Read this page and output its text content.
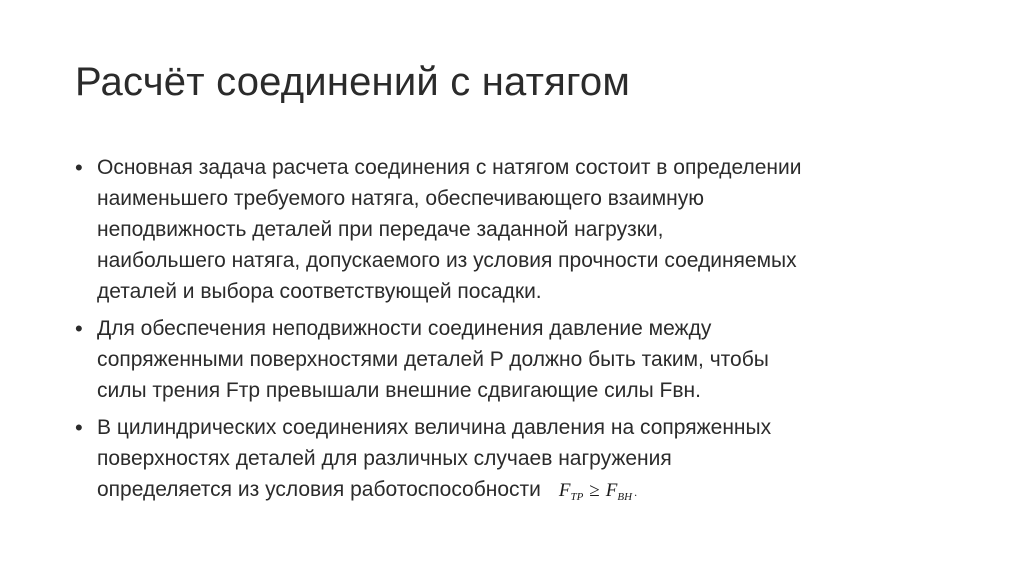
Расчёт соединений с натягом
• Основная задача расчета соединения с натягом состоит в определении
наименьшего требуемого натяга, обеспечивающего взаимную
неподвижность деталей при передаче заданной нагрузки,
наибольшего натяга, допускаемого из условия прочности соединяемых
деталей и выбора соответствующей посадки.
• Для обеспечения неподвижности соединения давление между
сопряженными поверхностями деталей P должно быть таким, чтобы
силы трения Fтр превышали внешние сдвигающие силы Fвн.
• В цилиндрических соединениях величина давления на сопряженных
поверхностях деталей для различных случаев нагружения
определяется из условия работоспособности $F_{TP} \ge F_{BH}$ .
